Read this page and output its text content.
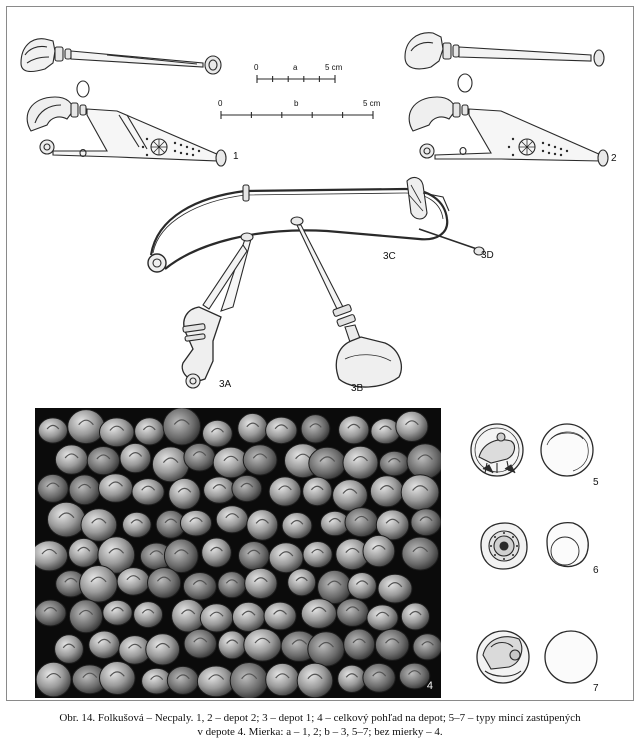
1	2
3A	3B
3C	3D
5
6
7
0	a	5 cm
0	b	5 cm
4
Obr. 14. Folkušová – Necpaly. 1, 2 – depot 2; 3 – depot 1; 4 – celkový pohľad na depot; 5–7 – typy mincí zastúpených
v depote 4. Mierka: a – 1, 2; b – 3, 5–7; bez mierky – 4.
